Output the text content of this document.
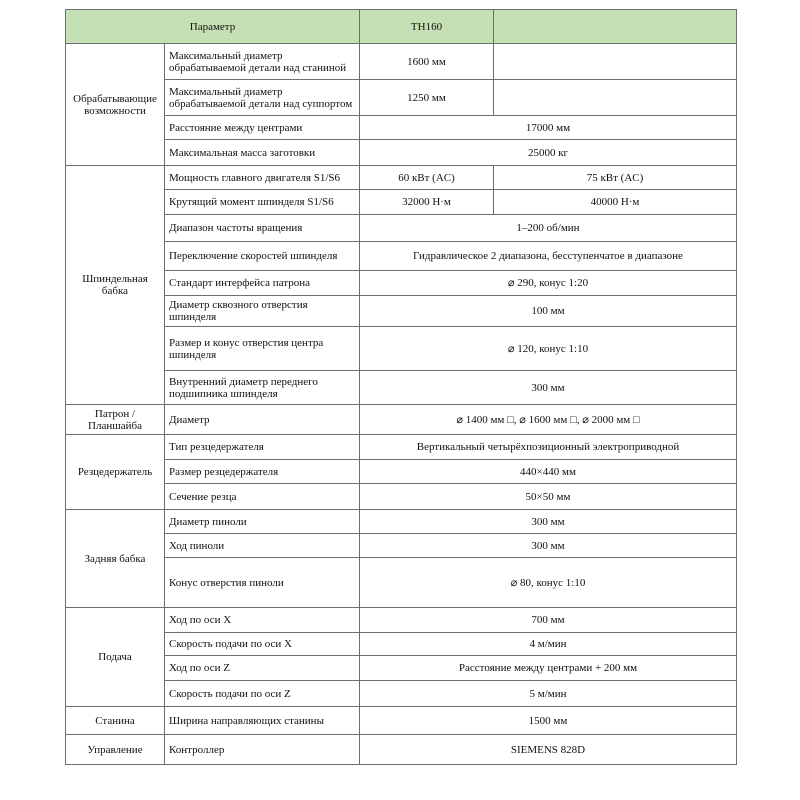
Параметр		TH160	
Обрабатывающие возможности	Максимальный диаметр обрабатываемой детали над станиной	1600 мм	
	Максимальный диаметр обрабатываемой детали над суппортом	1250 мм	
	Расстояние между центрами	17000 мм	
	Максимальная масса заготовки	25000 кг	
Шпиндельная бабка	Мощность главного двигателя S1/S6	60 кВт (AC)	75 кВт (AC)
	Крутящий момент шпинделя S1/S6	32000 Н·м	40000 Н·м
	Диапазон частоты вращения	1–200 об/мин	
	Переключение скоростей шпинделя	Гидравлическое 2 диапазона, бесступенчатое в диапазоне	
	Стандарт интерфейса патрона	⌀ 290, конус 1:20	
	Диаметр сквозного отверстия шпинделя	100 мм	
	Размер и конус отверстия центра шпинделя	⌀ 120, конус 1:10	
	Внутренний диаметр переднего подшипника шпинделя	300 мм	
Патрон / Планшайба	Диаметр	⌀ 1400 мм □, ⌀ 1600 мм □, ⌀ 2000 мм □	
Резцедержатель	Тип резцедержателя	Вертикальный четырёхпозиционный электроприводной	
	Размер резцедержателя	440×440 мм	
	Сечение резца	50×50 мм	
Задняя бабка	Диаметр пиноли	300 мм	
	Ход пиноли	300 мм	
	Конус отверстия пиноли	⌀ 80, конус 1:10	
Подача	Ход по оси X	700 мм	
	Скорость подачи по оси X	4 м/мин	
	Ход по оси Z	Расстояние между центрами + 200 мм	
	Скорость подачи по оси Z	5 м/мин	
Станина	Ширина направляющих станины	1500 мм	
Управление	Контроллер	SIEMENS 828D	
